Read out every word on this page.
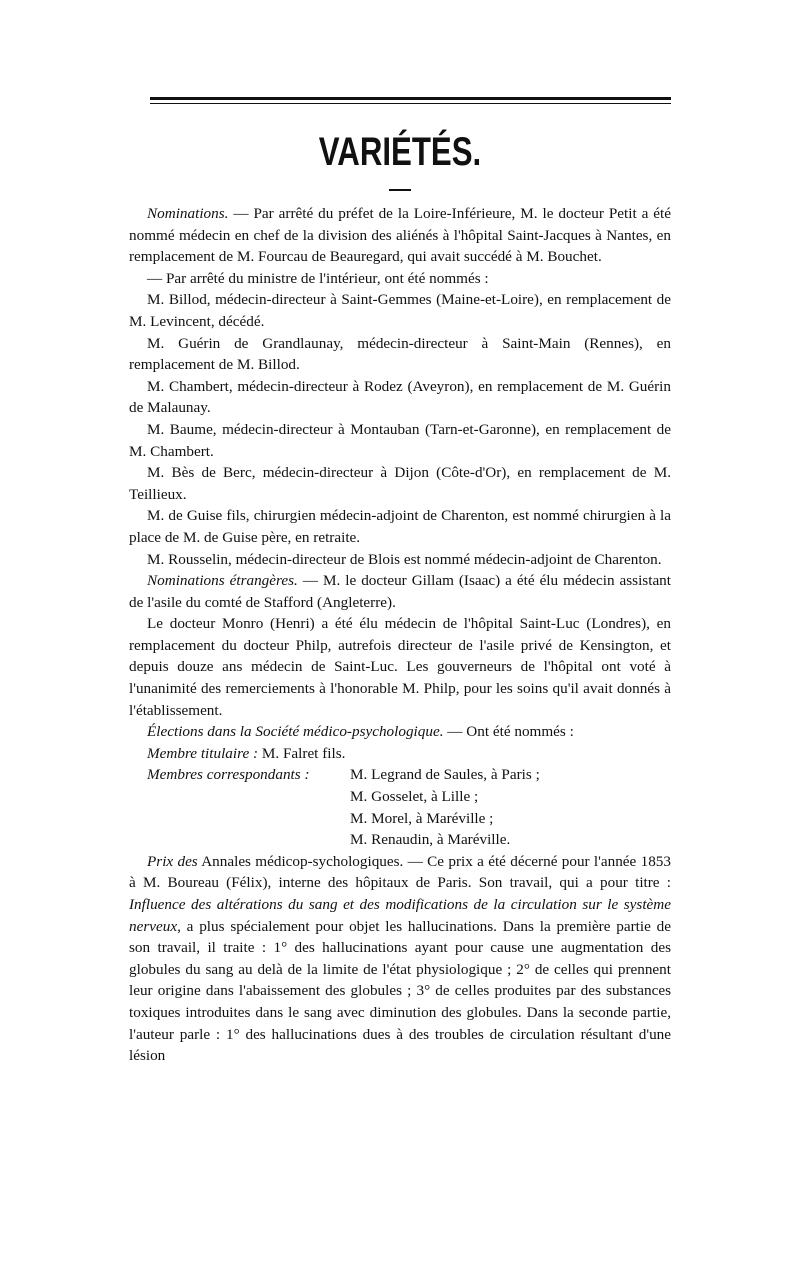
VARIÉTÉS.

Nominations. — Par arrêté du préfet de la Loire-Inférieure, M. le docteur Petit a été nommé médecin en chef de la division des aliénés à l'hôpital Saint-Jacques à Nantes, en remplacement de M. Fourcau de Beauregard, qui avait succédé à M. Bouchet.

— Par arrêté du ministre de l'intérieur, ont été nommés :

M. Billod, médecin-directeur à Saint-Gemmes (Maine-et-Loire), en remplacement de M. Levincent, décédé.

M. Guérin de Grandlaunay, médecin-directeur à Saint-Main (Rennes), en remplacement de M. Billod.

M. Chambert, médecin-directeur à Rodez (Aveyron), en remplacement de M. Guérin de Malaunay.

M. Baume, médecin-directeur à Montauban (Tarn-et-Garonne), en remplacement de M. Chambert.

M. Bès de Berc, médecin-directeur à Dijon (Côte-d'Or), en remplacement de M. Teillieux.

M. de Guise fils, chirurgien médecin-adjoint de Charenton, est nommé chirurgien à la place de M. de Guise père, en retraite.

M. Rousselin, médecin-directeur de Blois est nommé médecin-adjoint de Charenton.

Nominations étrangères. — M. le docteur Gillam (Isaac) a été élu médecin assistant de l'asile du comté de Stafford (Angleterre).

Le docteur Monro (Henri) a été élu médecin de l'hôpital Saint-Luc (Londres), en remplacement du docteur Philp, autrefois directeur de l'asile privé de Kensington, et depuis douze ans médecin de Saint-Luc. Les gouverneurs de l'hôpital ont voté à l'unanimité des remerciements à l'honorable M. Philp, pour les soins qu'il avait donnés à l'établissement.

Élections dans la Société médico-psychologique. — Ont été nommés :

Membre titulaire : M. Falret fils.

Membres correspondants :	M. Legrand de Saules, à Paris ;
M. Gosselet, à Lille ;
M. Morel, à Maréville ;
M. Renaudin, à Maréville.

Prix des Annales médicop-sychologiques. — Ce prix a été décerné pour l'année 1853 à M. Boureau (Félix), interne des hôpitaux de Paris. Son travail, qui a pour titre : Influence des altérations du sang et des modifications de la circulation sur le système nerveux, a plus spécialement pour objet les hallucinations. Dans la première partie de son travail, il traite : 1° des hallucinations ayant pour cause une augmentation des globules du sang au delà de la limite de l'état physiologique ; 2° de celles qui prennent leur origine dans l'abaissement des globules ; 3° de celles produites par des substances toxiques introduites dans le sang avec diminution des globules. Dans la seconde partie, l'auteur parle : 1° des hallucinations dues à des troubles de circulation résultant d'une lésion
